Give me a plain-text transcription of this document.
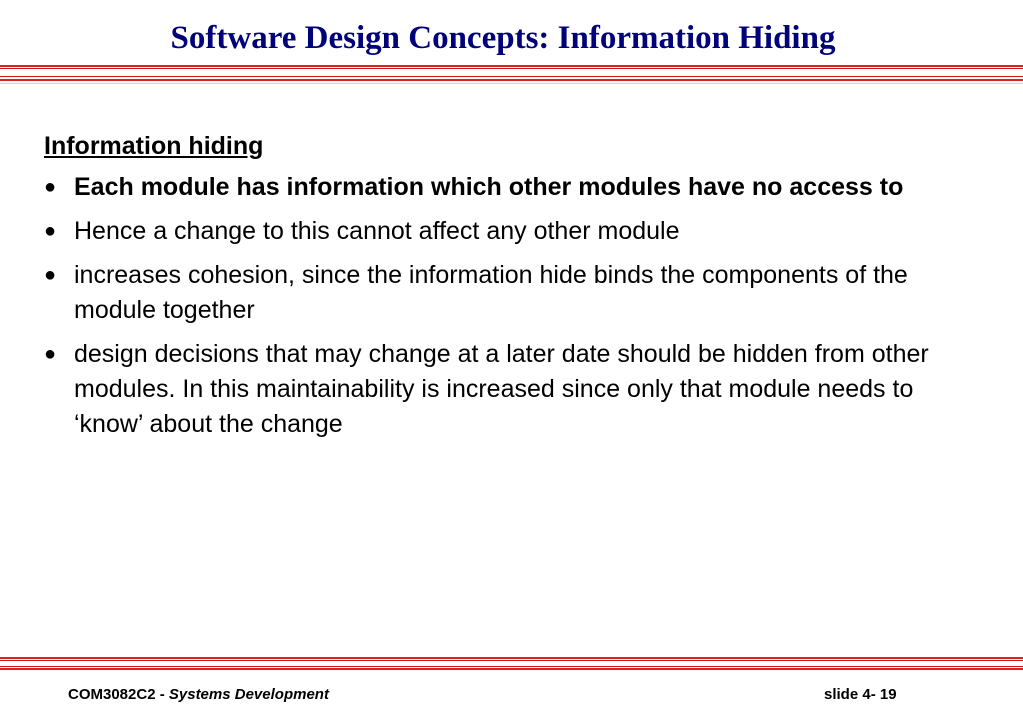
Software Design Concepts: Information Hiding
Information hiding
● Each module has information which other modules have no access to
● Hence a change to this cannot affect any other module
● increases cohesion, since the information hide binds the components of the module together
● design decisions that may change at a later date should be hidden from other modules. In this maintainability is increased since only that module needs to ‘know’ about the change
COM3082C2 - Systems Development	slide 4- 19
